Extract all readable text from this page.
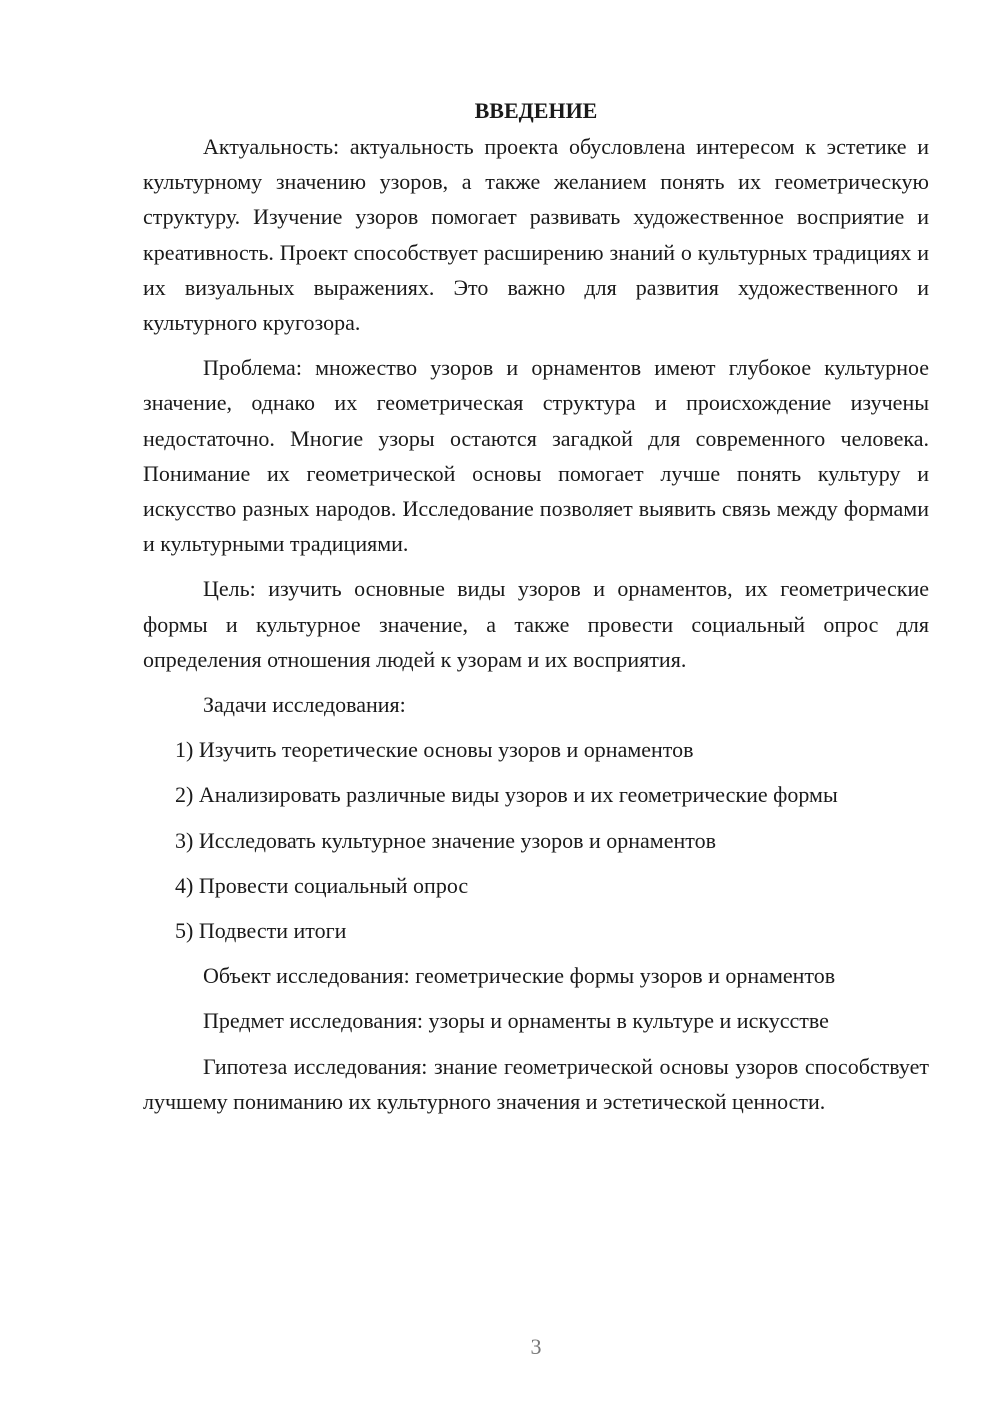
ВВЕДЕНИЕ

Актуальность: актуальность проекта обусловлена интересом к эстетике и культурному значению узоров, а также желанием понять их геометрическую структуру. Изучение узоров помогает развивать художественное восприятие и креативность. Проект способствует расширению знаний о культурных традициях и их визуальных выражениях. Это важно для развития художественного и культурного кругозора.

Проблема: множество узоров и орнаментов имеют глубокое культурное значение, однако их геометрическая структура и происхождение изучены недостаточно. Многие узоры остаются загадкой для современного человека. Понимание их геометрической основы помогает лучше понять культуру и искусство разных народов. Исследование позволяет выявить связь между формами и культурными традициями.

Цель: изучить основные виды узоров и орнаментов, их геометрические формы и культурное значение, а также провести социальный опрос для определения отношения людей к узорам и их восприятия.

Задачи исследования:
1) Изучить теоретические основы узоров и орнаментов
2) Анализировать различные виды узоров и их геометрические формы
3) Исследовать культурное значение узоров и орнаментов
4) Провести социальный опрос
5) Подвести итоги
Объект исследования: геометрические формы узоров и орнаментов
Предмет исследования: узоры и орнаменты в культуре и искусстве

Гипотеза исследования: знание геометрической основы узоров способствует лучшему пониманию их культурного значения и эстетической ценности.

3
